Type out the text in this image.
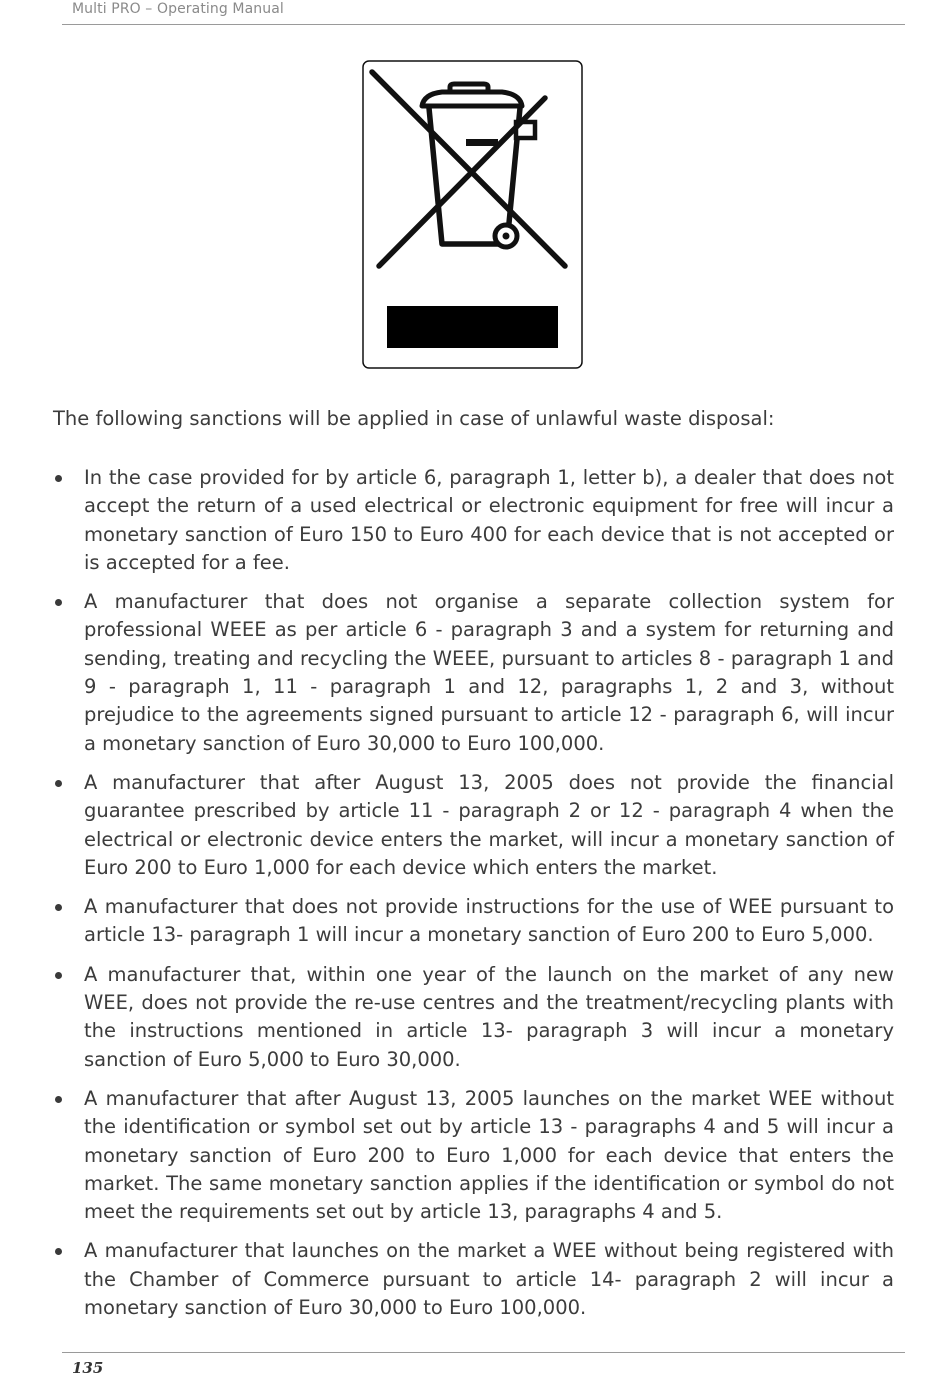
Multi PRO – Operating Manual
The following sanctions will be applied in case of unlawful waste disposal:
In the case provided for by article 6, paragraph 1, letter b), a dealer that does not accept the return of a used electrical or electronic equipment for free will incur a monetary sanction of Euro 150 to Euro 400 for each device that is not accepted or is accepted for a fee.
A manufacturer that does not organise a separate collection system for professional WEEE as per article 6 - paragraph 3 and a system for returning and sending, treating and recycling the WEEE, pursuant to articles 8 - paragraph 1 and 9 - paragraph 1, 11 - paragraph 1 and 12, paragraphs 1, 2 and 3, without prejudice to the agreements signed pursuant to article 12 - paragraph 6, will incur a monetary sanction of Euro 30,000 to Euro 100,000.
A manufacturer that after August 13, 2005 does not provide the financial guarantee prescribed by article 11 - paragraph 2 or 12 - paragraph 4 when the electrical or electronic device enters the market, will incur a monetary sanction of Euro 200 to Euro 1,000 for each device which enters the market.
A manufacturer that does not provide instructions for the use of WEE pursuant to article 13- paragraph 1 will incur a monetary sanction of Euro 200 to Euro 5,000.
A manufacturer that, within one year of the launch on the market of any new WEE, does not provide the re-use centres and the treatment/recycling plants with the instructions mentioned in article 13- paragraph 3 will incur a monetary sanction of Euro 5,000 to Euro 30,000.
A manufacturer that after August 13, 2005 launches on the market WEE without the identification or symbol set out by article 13 - paragraphs 4 and 5 will incur a monetary sanction of Euro 200 to Euro 1,000 for each device that enters the market. The same monetary sanction applies if the identification or symbol do not meet the requirements set out by article 13, paragraphs 4 and 5.
A manufacturer that launches on the market a WEE without being registered with the Chamber of Commerce pursuant to article 14- paragraph 2 will incur a monetary sanction of Euro 30,000 to Euro 100,000.
135
